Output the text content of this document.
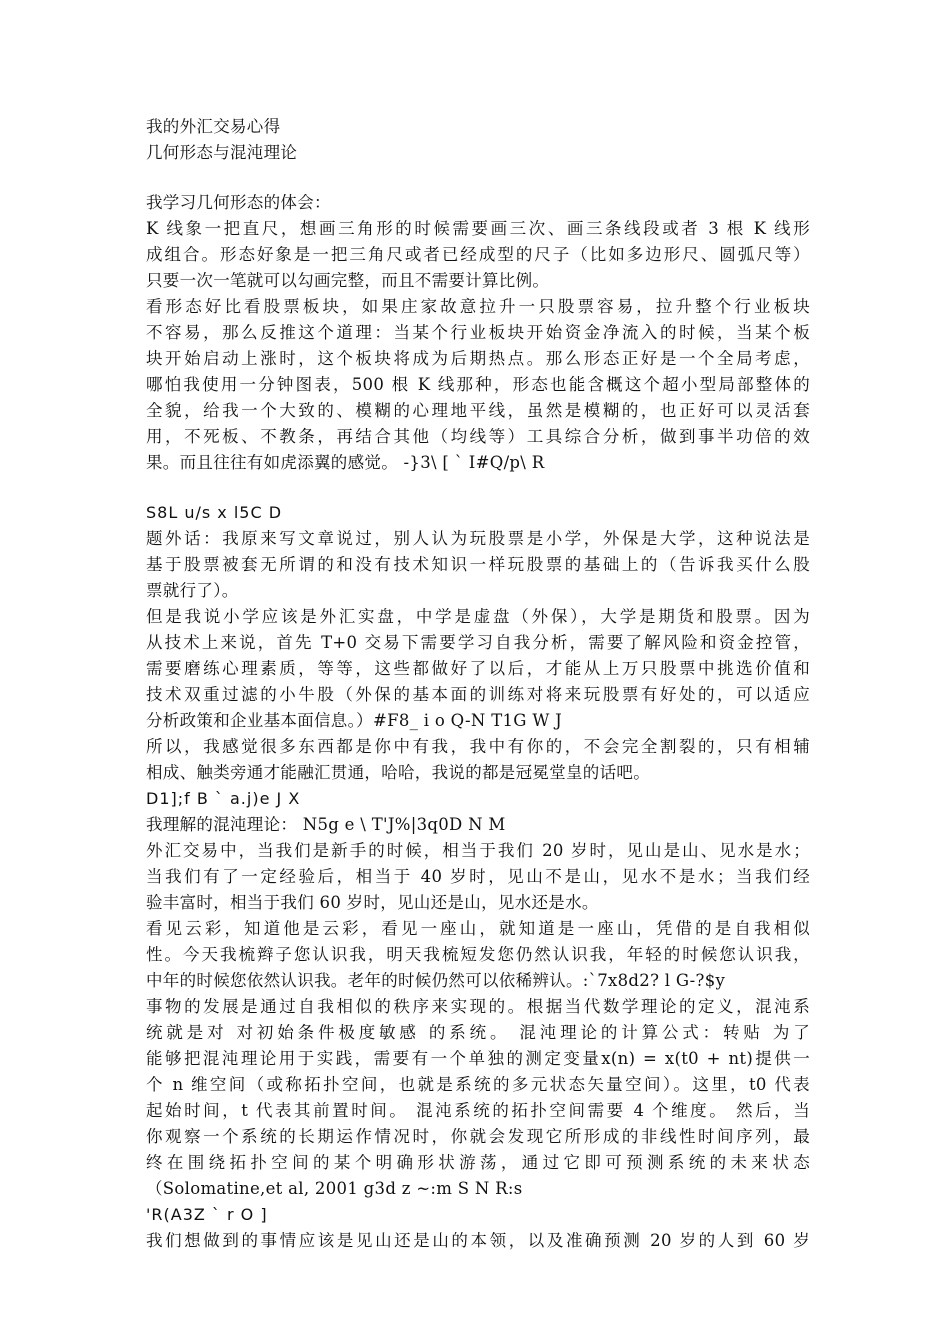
我的外汇交易心得
几何形态与混沌理论
我学习几何形态的体会：
K 线象一把直尺，想画三角形的时候需要画三次、画三条线段或者 3 根 K 线形
成组合。形态好象是一把三角尺或者已经成型的尺子（比如多边形尺、圆弧尺等）
只要一次一笔就可以勾画完整，而且不需要计算比例。
看形态好比看股票板块，如果庄家故意拉升一只股票容易，拉升整个行业板块
不容易，那么反推这个道理：当某个行业板块开始资金净流入的时候，当某个板
块开始启动上涨时，这个板块将成为后期热点。那么形态正好是一个全局考虑，
哪怕我使用一分钟图表，500 根 K 线那种，形态也能含概这个超小型局部整体的
全貌，给我一个大致的、模糊的心理地平线，虽然是模糊的，也正好可以灵活套
用，不死板、不教条，再结合其他（均线等）工具综合分析，做到事半功倍的效
果。而且往往有如虎添翼的感觉。 -}3\ [ ` I#Q/p\ R
S8L u/s x l5C D
题外话：我原来写文章说过，别人认为玩股票是小学，外保是大学，这种说法是
基于股票被套无所谓的和没有技术知识一样玩股票的基础上的（告诉我买什么股
票就行了）。
但是我说小学应该是外汇实盘，中学是虚盘（外保），大学是期货和股票。因为
从技术上来说，首先 T+0 交易下需要学习自我分析，需要了解风险和资金控管，
需要磨练心理素质，等等，这些都做好了以后，才能从上万只股票中挑选价值和
技术双重过滤的小牛股（外保的基本面的训练对将来玩股票有好处的，可以适应
分析政策和企业基本面信息。）#F8_ i o Q-N T1G W J
所以，我感觉很多东西都是你中有我，我中有你的，不会完全割裂的，只有相辅
相成、触类旁通才能融汇贯通，哈哈，我说的都是冠冕堂皇的话吧。
D1];f B ` a.j)e J X
我理解的混沌理论： N5g e \ T'J%|3q0D N M
外汇交易中，当我们是新手的时候，相当于我们 20 岁时，见山是山、见水是水；
当我们有了一定经验后，相当于 40 岁时，见山不是山，见水不是水；当我们经
验丰富时，相当于我们 60 岁时，见山还是山，见水还是水。
看见云彩，知道他是云彩，看见一座山，就知道是一座山，凭借的是自我相似
性。今天我梳辫子您认识我，明天我梳短发您仍然认识我，年轻的时候您认识我，
中年的时候您依然认识我。老年的时候仍然可以依稀辨认。:`7x8d2? l G-?$y
事物的发展是通过自我相似的秩序来实现的。根据当代数学理论的定义，混沌系
统就是对 对初始条件极度敏感 的系统。 混沌理论的计算公式：转贴 为了
能够把混沌理论用于实践，需要有一个单独的测定变量x(n) = x(t0 + nt)提供一
个 n 维空间（或称拓扑空间，也就是系统的多元状态矢量空间）。这里，t0 代表
起始时间，t 代表其前置时间。 混沌系统的拓扑空间需要 4 个维度。 然后，当
你观察一个系统的长期运作情况时，你就会发现它所形成的非线性时间序列，最
终在围绕拓扑空间的某个明确形状游荡，通过它即可预测系统的未来状态
（Solomatine,et al, 2001 g3d z ~:m S N R:s
'R(A3Z ` r O ]
我们想做到的事情应该是见山还是山的本领，以及准确预测 20 岁的人到 60 岁
